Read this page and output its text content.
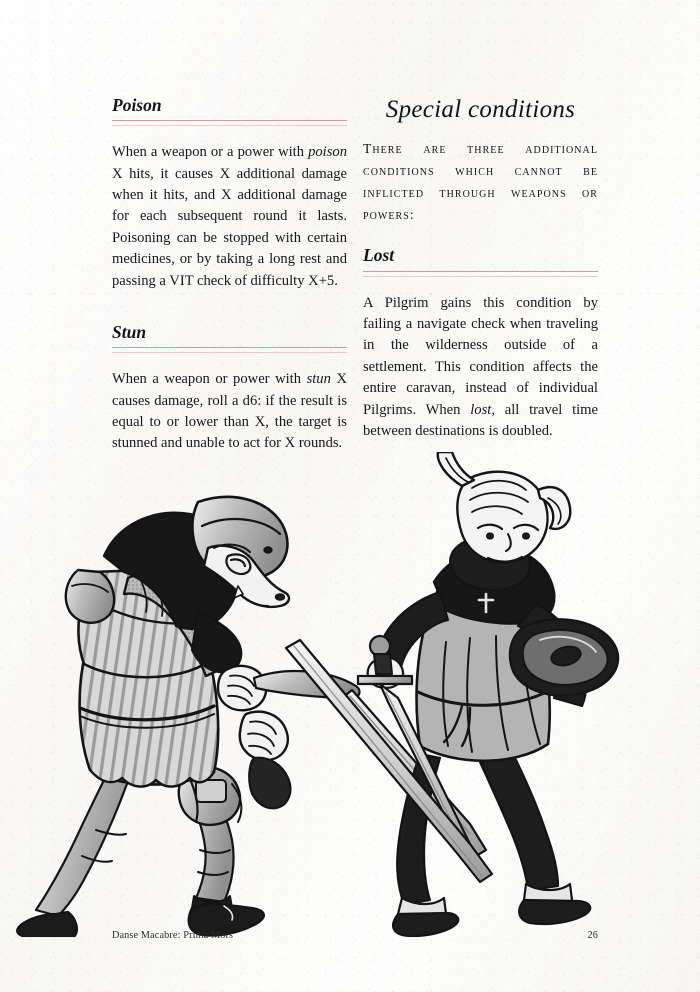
Poison

When a weapon or a power with poison X hits, it causes X additional damage when it hits, and X additional damage for each subsequent round it lasts. Poisoning can be stopped with certain medicines, or by taking a long rest and passing a VIT check of difficulty X+5.

Stun

When a weapon or power with stun X causes damage, roll a d6: if the result is equal to or lower than X, the target is stunned and unable to act for X rounds.

Special conditions

There are three additional conditions which cannot be inflicted through weapons or powers:

Lost

A Pilgrim gains this condition by failing a navigate check when traveling in the wilderness outside of a settlement. This condition affects the entire caravan, instead of individual Pilgrims. When lost, all travel time between destinations is doubled.

Danse Macabre: Prima Mors	26
